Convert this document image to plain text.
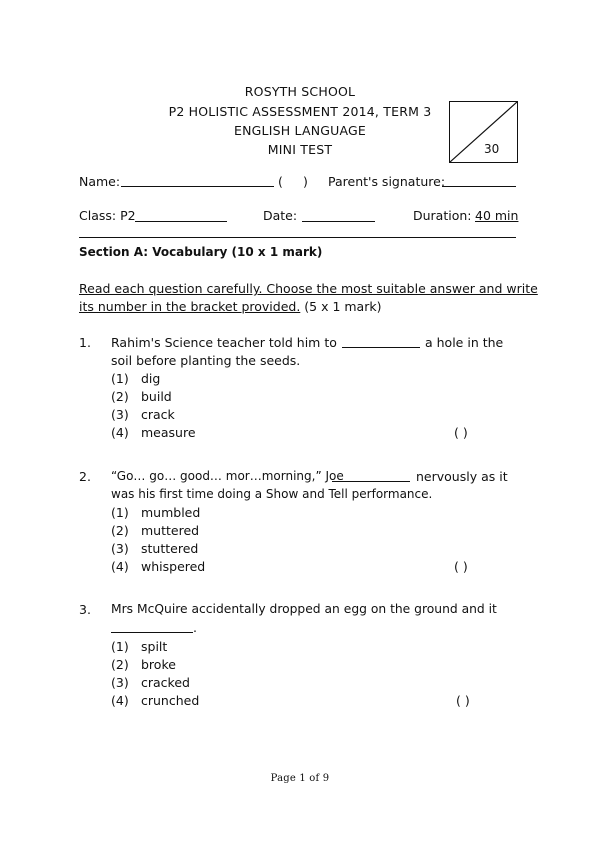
ROSYTH SCHOOL
P2 HOLISTIC ASSESSMENT 2014, TERM 3
ENGLISH LANGUAGE
MINI TEST	30
Name:	( ) Parent's signature:
Class: P2	Date:	Duration: 40 min
Section A: Vocabulary (10 x 1 mark)
Read each question carefully. Choose the most suitable answer and write
its number in the bracket provided. (5 x 1 mark)
1. Rahim's Science teacher told him to	a hole in the
soil before planting the seeds.
(1) dig
(2) build
(3) crack
(4) measure	( )
2. “Go… go… good… mor…morning,” Joe	nervously as it
was his first time doing a Show and Tell performance.
(1) mumbled
(2) muttered
(3) stuttered
(4) whispered	( )
3. Mrs McQuire accidentally dropped an egg on the ground and it
.
(1) spilt
(2) broke
(3) cracked
(4) crunched	( )
Page 1 of 9
